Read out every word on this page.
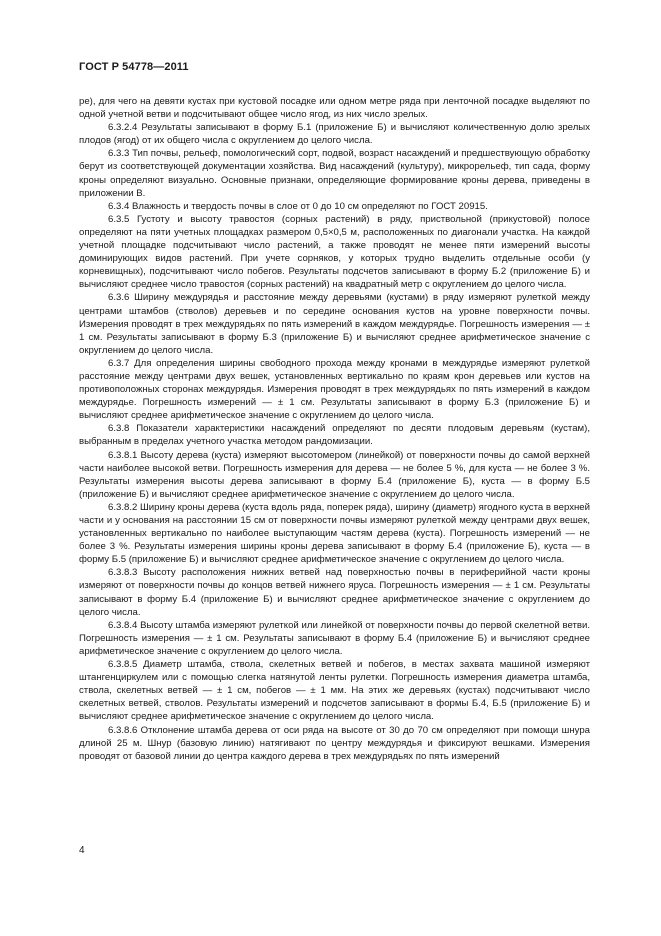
ГОСТ Р 54778—2011

ре), для чего на девяти кустах при кустовой посадке или одном метре ряда при ленточной посадке выделяют по одной учетной ветви и подсчитывают общее число ягод, из них число зрелых.

6.3.2.4 Результаты записывают в форму Б.1 (приложение Б) и вычисляют количественную долю зрелых плодов (ягод) от их общего числа с округлением до целого числа.

6.3.3 Тип почвы, рельеф, помологический сорт, подвой, возраст насаждений и предшествующую обработку берут из соответствующей документации хозяйства. Вид насаждений (культуру), микрорельеф, тип сада, форму кроны определяют визуально. Основные признаки, определяющие формирование кроны дерева, приведены в приложении В.

6.3.4 Влажность и твердость почвы в слое от 0 до 10 см определяют по ГОСТ 20915.

6.3.5 Густоту и высоту травостоя (сорных растений) в ряду, приствольной (прикустовой) полосе определяют на пяти учетных площадках размером 0,5×0,5 м, расположенных по диагонали участка. На каждой учетной площадке подсчитывают число растений, а также проводят не менее пяти измерений высоты доминирующих видов растений. При учете сорняков, у которых трудно выделить отдельные особи (у корневищных), подсчитывают число побегов. Результаты подсчетов записывают в форму Б.2 (приложение Б) и вычисляют среднее число травостоя (сорных растений) на квадратный метр с округлением до целого числа.

6.3.6 Ширину междурядья и расстояние между деревьями (кустами) в ряду измеряют рулеткой между центрами штамбов (стволов) деревьев и по середине основания кустов на уровне поверхности почвы. Измерения проводят в трех междурядьях по пять измерений в каждом междурядье. Погрешность измерения — ± 1 см. Результаты записывают в форму Б.3 (приложение Б) и вычисляют среднее арифметическое значение с округлением до целого числа.

6.3.7 Для определения ширины свободного прохода между кронами в междурядье измеряют рулеткой расстояние между центрами двух вешек, установленных вертикально по краям крон деревьев или кустов на противоположных сторонах междурядья. Измерения проводят в трех междурядьях по пять измерений в каждом междурядье. Погрешность измерений — ± 1 см. Результаты записывают в форму Б.3 (приложение Б) и вычисляют среднее арифметическое значение с округлением до целого числа.

6.3.8 Показатели характеристики насаждений определяют по десяти плодовым деревьям (кустам), выбранным в пределах учетного участка методом рандомизации.

6.3.8.1 Высоту дерева (куста) измеряют высотомером (линейкой) от поверхности почвы до самой верхней части наиболее высокой ветви. Погрешность измерения для дерева — не более 5 %, для куста — не более 3 %. Результаты измерения высоты дерева записывают в форму Б.4 (приложение Б), куста — в форму Б.5 (приложение Б) и вычисляют среднее арифметическое значение с округлением до целого числа.

6.3.8.2 Ширину кроны дерева (куста вдоль ряда, поперек ряда), ширину (диаметр) ягодного куста в верхней части и у основания на расстоянии 15 см от поверхности почвы измеряют рулеткой между центрами двух вешек, установленных вертикально по наиболее выступающим частям дерева (куста). Погрешность измерений — не более 3 %. Результаты измерения ширины кроны дерева записывают в форму Б.4 (приложение Б), куста — в форму Б.5 (приложение Б) и вычисляют среднее арифметическое значение с округлением до целого числа.

6.3.8.3 Высоту расположения нижних ветвей над поверхностью почвы в периферийной части кроны измеряют от поверхности почвы до концов ветвей нижнего яруса. Погрешность измерения — ± 1 см. Результаты записывают в форму Б.4 (приложение Б) и вычисляют среднее арифметическое значение с округлением до целого числа.

6.3.8.4 Высоту штамба измеряют рулеткой или линейкой от поверхности почвы до первой скелетной ветви. Погрешность измерения — ± 1 см. Результаты записывают в форму Б.4 (приложение Б) и вычисляют среднее арифметическое значение с округлением до целого числа.

6.3.8.5 Диаметр штамба, ствола, скелетных ветвей и побегов, в местах захвата машиной измеряют штангенциркулем или с помощью слегка натянутой ленты рулетки. Погрешность измерения диаметра штамба, ствола, скелетных ветвей — ± 1 см, побегов — ± 1 мм. На этих же деревьях (кустах) подсчитывают число скелетных ветвей, стволов. Результаты измерений и подсчетов записывают в формы Б.4, Б.5 (приложение Б) и вычисляют среднее арифметическое значение с округлением до целого числа.

6.3.8.6 Отклонение штамба дерева от оси ряда на высоте от 30 до 70 см определяют при помощи шнура длиной 25 м. Шнур (базовую линию) натягивают по центру междурядья и фиксируют вешками. Измерения проводят от базовой линии до центра каждого дерева в трех междурядьях по пять измерений

4
